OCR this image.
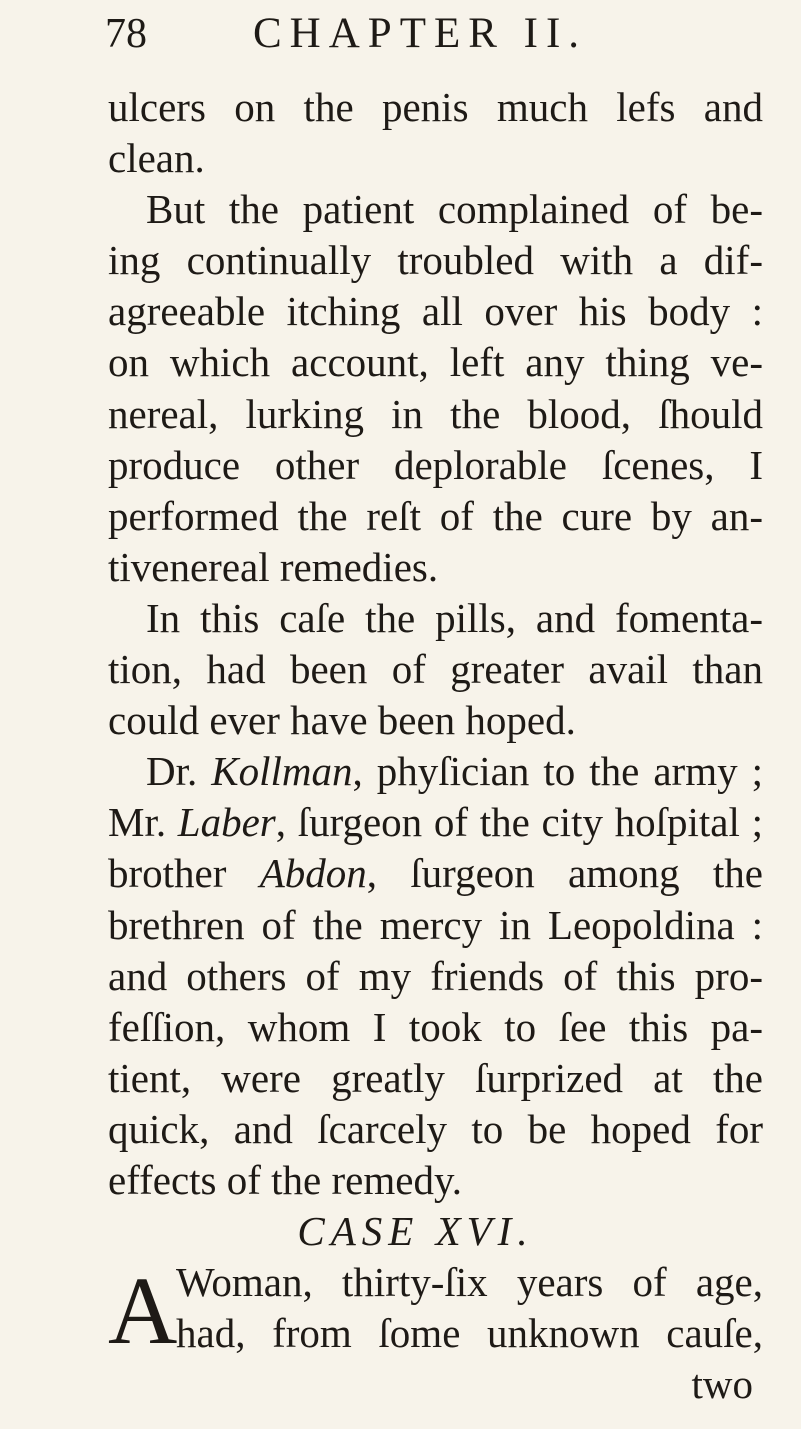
78 CHAPTER II.
ulcers on the penis much lefs and
clean.
But the patient complained of be-
ing continually troubled with a dif-
agreeable itching all over his body :
on which account, left any thing ve-
nereal, lurking in the blood, ſhould
produce other deplorable ſcenes, I
performed the reſt of the cure by an-
tivenereal remedies.
In this caſe the pills, and fomenta-
tion, had been of greater avail than
could ever have been hoped.
Dr. Kollman, phyſician to the army ;
Mr. Laber, ſurgeon of the city hoſpital ;
brother Abdon, ſurgeon among the
brethren of the mercy in Leopoldina :
and others of my friends of this pro-
feſſion, whom I took to ſee this pa-
tient, were greatly ſurprized at the
quick, and ſcarcely to be hoped for
effects of the remedy.
CASE XVI.
A
Woman, thirty-ſix years of age,
had, from ſome unknown cauſe,
two
